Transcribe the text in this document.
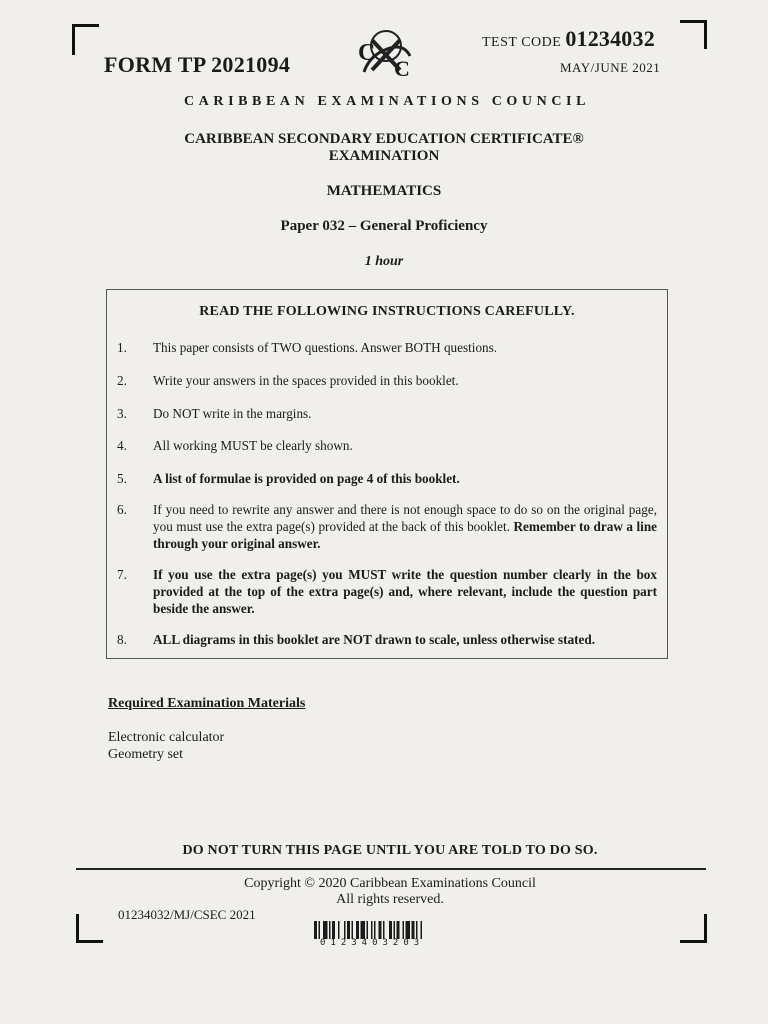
FORM TP 2021094	C
C
TEST CODE 01234032
MAY/JUNE 2021
CARIBBEAN EXAMINATIONS COUNCIL
CARIBBEAN SECONDARY EDUCATION CERTIFICATE®
EXAMINATION
MATHEMATICS
Paper 032 – General Proficiency
1 hour
READ THE FOLLOWING INSTRUCTIONS CAREFULLY.
1. This paper consists of TWO questions. Answer BOTH questions.
2. Write your answers in the spaces provided in this booklet.
3. Do NOT write in the margins.
4. All working MUST be clearly shown.
5. A list of formulae is provided on page 4 of this booklet.
6. If you need to rewrite any answer and there is not enough space to do so on the original page, you must use the extra page(s) provided at the back of this booklet. Remember to draw a line through your original answer.
7. If you use the extra page(s) you MUST write the question number clearly in the box provided at the top of the extra page(s) and, where relevant, include the question part beside the answer.
8. ALL diagrams in this booklet are NOT drawn to scale, unless otherwise stated.
Required Examination Materials
Electronic calculator
Geometry set
DO NOT TURN THIS PAGE UNTIL YOU ARE TOLD TO DO SO.
Copyright © 2020 Caribbean Examinations Council
All rights reserved.
01234032/MJ/CSEC 2021
0123403203
